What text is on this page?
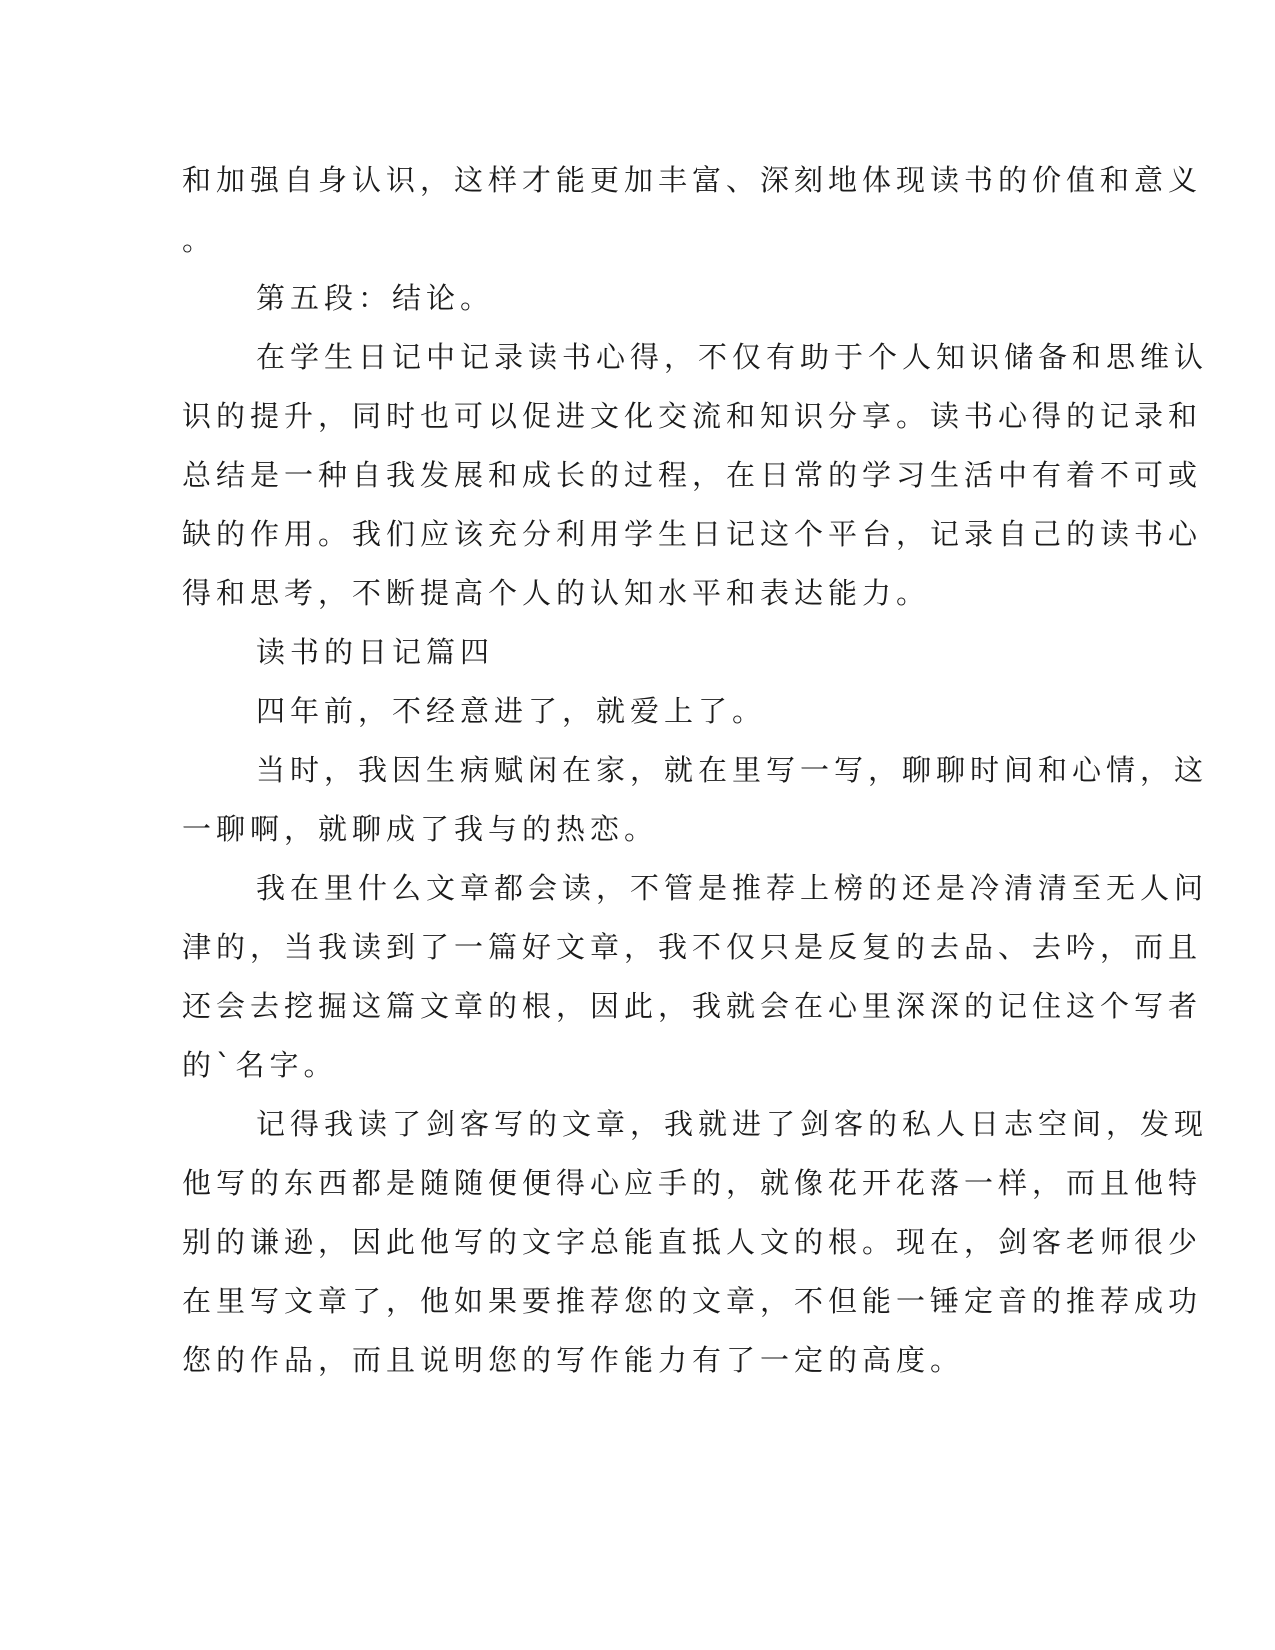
和加强自身认识，这样才能更加丰富、深刻地体现读书的价值和意义
。
第五段：结论。
在学生日记中记录读书心得，不仅有助于个人知识储备和思维认
识的提升，同时也可以促进文化交流和知识分享。读书心得的记录和
总结是一种自我发展和成长的过程，在日常的学习生活中有着不可或
缺的作用。我们应该充分利用学生日记这个平台，记录自己的读书心
得和思考，不断提高个人的认知水平和表达能力。
读书的日记篇四
四年前，不经意进了，就爱上了。
当时，我因生病赋闲在家，就在里写一写，聊聊时间和心情，这
一聊啊，就聊成了我与的热恋。
我在里什么文章都会读，不管是推荐上榜的还是冷清清至无人问
津的，当我读到了一篇好文章，我不仅只是反复的去品、去吟，而且
还会去挖掘这篇文章的根，因此，我就会在心里深深的记住这个写者
的`名字。
记得我读了剑客写的文章，我就进了剑客的私人日志空间，发现
他写的东西都是随随便便得心应手的，就像花开花落一样，而且他特
别的谦逊，因此他写的文字总能直抵人文的根。现在，剑客老师很少
在里写文章了，他如果要推荐您的文章，不但能一锤定音的推荐成功
您的作品，而且说明您的写作能力有了一定的高度。
